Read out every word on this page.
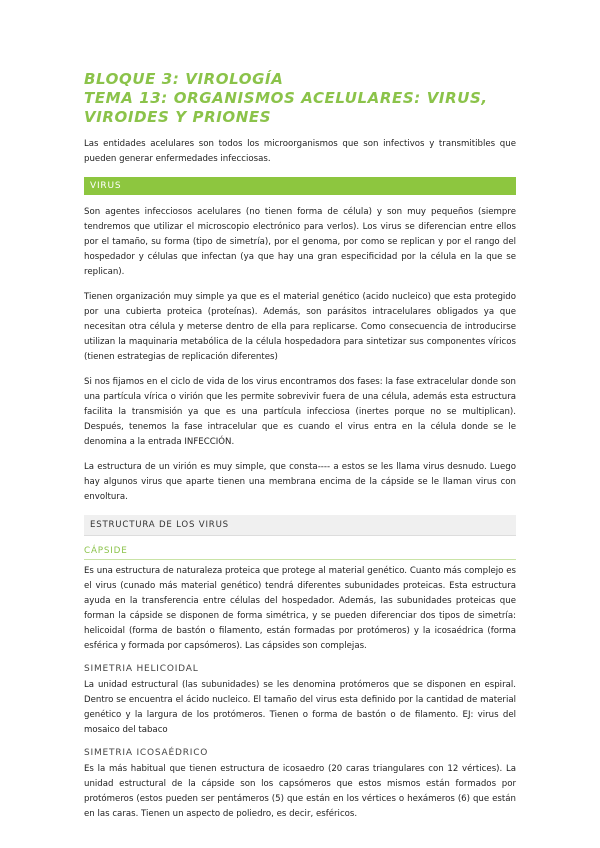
BLOQUE 3: VIROLOGÍA
TEMA 13: ORGANISMOS ACELULARES: VIRUS, VIROIDES Y PRIONES

Las entidades acelulares son todos los microorganismos que son infectivos y transmitibles que pueden generar enfermedades infecciosas.

VIRUS

Son agentes infecciosos acelulares (no tienen forma de célula) y son muy pequeños (siempre tendremos que utilizar el microscopio electrónico para verlos). Los virus se diferencian entre ellos por el tamaño, su forma (tipo de simetría), por el genoma, por como se replican y por el rango del hospedador y células que infectan (ya que hay una gran especificidad por la célula en la que se replican).

Tienen organización muy simple ya que es el material genético (acido nucleico) que esta protegido por una cubierta proteica (proteínas). Además, son parásitos intracelulares obligados ya que necesitan otra célula y meterse dentro de ella para replicarse. Como consecuencia de introducirse utilizan la maquinaria metabólica de la célula hospedadora para sintetizar sus componentes víricos (tienen estrategias de replicación diferentes)

Si nos fijamos en el ciclo de vida de los virus encontramos dos fases: la fase extracelular donde son una partícula vírica o virión que les permite sobrevivir fuera de una célula, además esta estructura facilita la transmisión ya que es una partícula infecciosa (inertes porque no se multiplican). Después, tenemos la fase intracelular que es cuando el virus entra en la célula donde se le denomina a la entrada INFECCIÓN.

La estructura de un virión es muy simple, que consta---- a estos se les llama virus desnudo. Luego hay algunos virus que aparte tienen una membrana encima de la cápside se le llaman virus con envoltura.

ESTRUCTURA DE LOS VIRUS
CÁPSIDE

Es una estructura de naturaleza proteica que protege al material genético. Cuanto más complejo es el virus (cunado más material genético) tendrá diferentes subunidades proteicas. Esta estructura ayuda en la transferencia entre células del hospedador. Además, las subunidades proteicas que forman la cápside se disponen de forma simétrica, y se pueden diferenciar dos tipos de simetría: helicoidal (forma de bastón o filamento, están formadas por protómeros) y la icosaédrica (forma esférica y formada por capsómeros). Las cápsides son complejas.

SIMETRIA HELICOIDAL

La unidad estructural (las subunidades) se les denomina protómeros que se disponen en espiral. Dentro se encuentra el ácido nucleico. El tamaño del virus esta definido por la cantidad de material genético y la largura de los protómeros. Tienen o forma de bastón o de filamento. EJ: virus del mosaico del tabaco

SIMETRIA ICOSAÉDRICO

Es la más habitual que tienen estructura de icosaedro (20 caras triangulares con 12 vértices). La unidad estructural de la cápside son los capsómeros que estos mismos están formados por protómeros (estos pueden ser pentámeros (5) que están en los vértices o hexámeros (6) que están en las caras. Tienen un aspecto de poliedro, es decir, esféricos.
